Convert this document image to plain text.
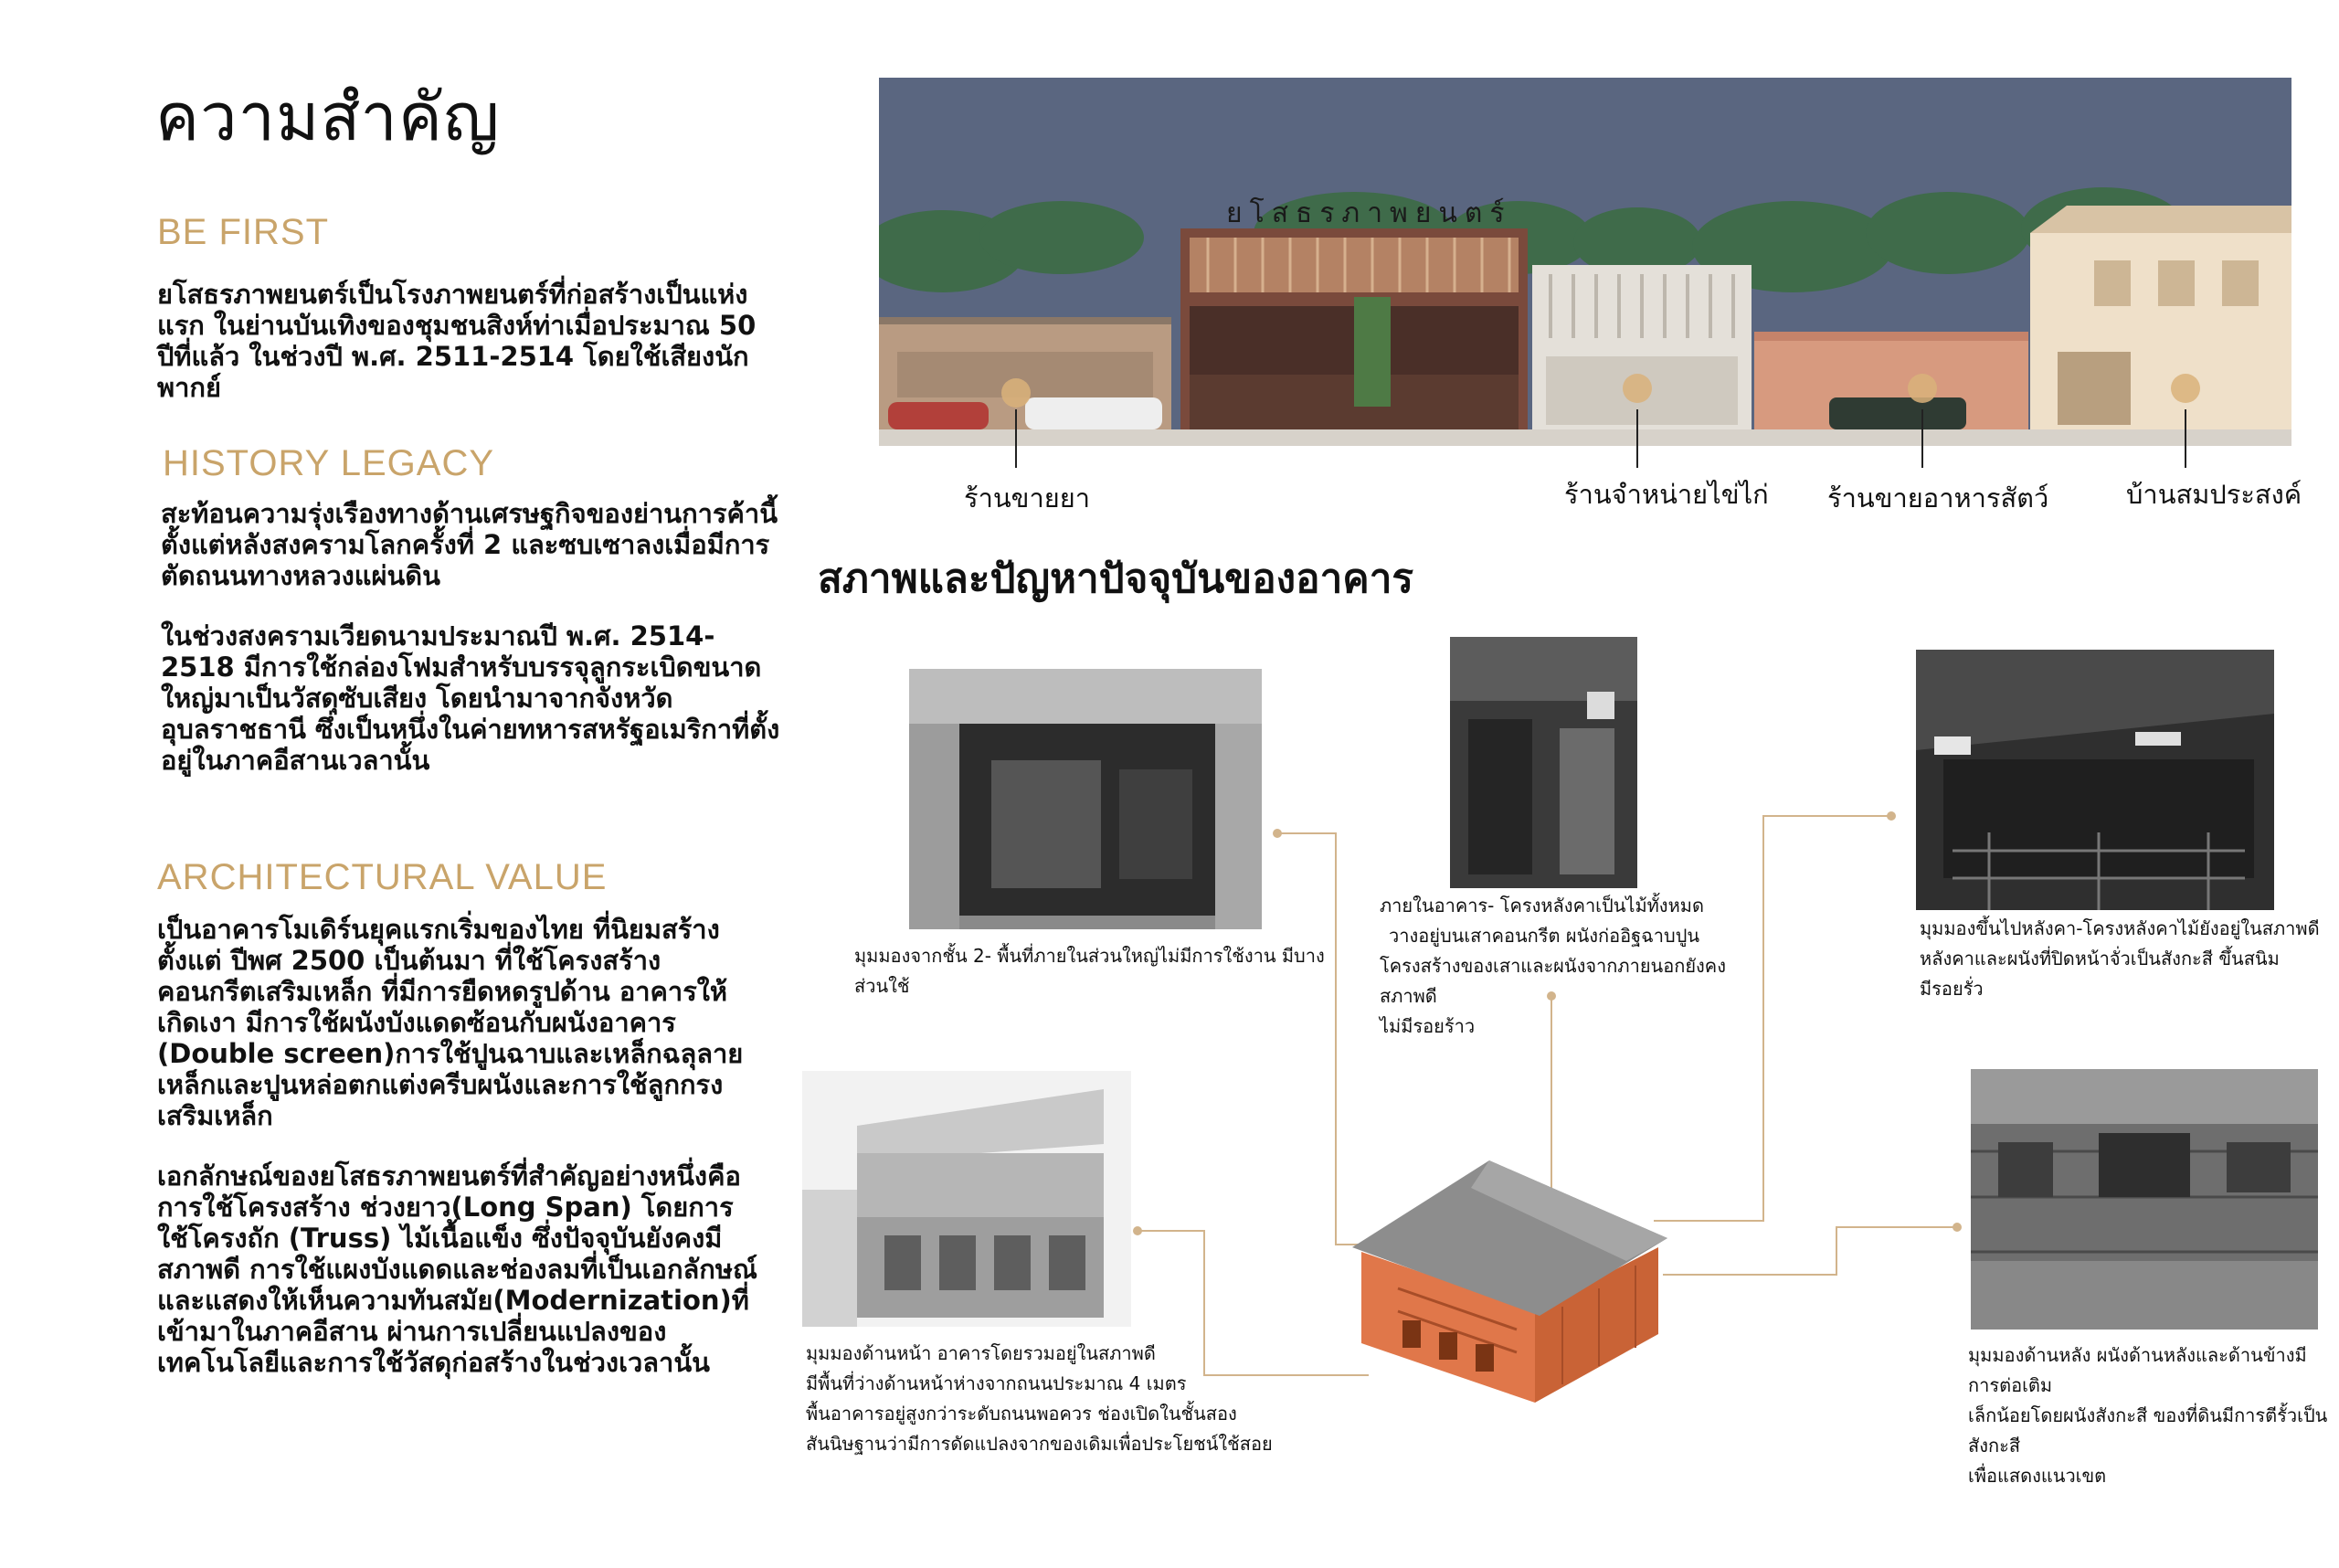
ความสำคัญ
BE FIRST

ยโสธรภาพยนตร์เป็นโรงภาพยนตร์ที่ก่อสร้างเป็นแห่งแรก ในย่านบันเทิงของชุมชนสิงห์ท่าเมื่อประมาณ 50 ปีที่แล้ว ในช่วงปี พ.ศ. 2511-2514 โดยใช้เสียงนักพากย์

HISTORY LEGACY

สะท้อนความรุ่งเรืองทางด้านเศรษฐกิจของย่านการค้านี้ ตั้งแต่หลังสงครามโลกครั้งที่ 2 และซบเซาลงเมื่อมีการตัดถนนทางหลวงแผ่นดิน

ในช่วงสงครามเวียดนามประมาณปี พ.ศ. 2514-2518 มีการใช้กล่องโฟมสำหรับบรรจุลูกระเบิดขนาดใหญ่มาเป็นวัสดุซับเสียง โดยนำมาจากจังหวัดอุบลราชธานี ซึ่งเป็นหนึ่งในค่ายทหารสหรัฐอเมริกาที่ตั้งอยู่ในภาคอีสานเวลานั้น

ARCHITECTURAL VALUE

เป็นอาคารโมเดิร์นยุคแรกเริ่มของไทย ที่นิยมสร้างตั้งแต่ ปีพศ 2500 เป็นต้นมา ที่ใช้โครงสร้างคอนกรีตเสริมเหล็ก ที่มีการยืดหดรูปด้าน อาคารให้เกิดเงา มีการใช้ผนังบังแดดซ้อนกับผนังอาคาร (Double screen)การใช้ปูนฉาบและเหล็กฉลุลาย เหล็กและปูนหล่อตกแต่งครีบผนังและการใช้ลูกกรงเสริมเหล็ก

เอกลักษณ์ของยโสธรภาพยนตร์ที่สำคัญอย่างหนึ่งคือ การใช้โครงสร้าง ช่วงยาว(Long Span) โดยการใช้โครงถัก (Truss) ไม้เนื้อแข็ง ซึ่งปัจจุบันยังคงมีสภาพดี การใช้แผงบังแดดและช่องลมที่เป็นเอกลักษณ์ และแสดงให้เห็นความทันสมัย(Modernization)ที่เข้ามาในภาคอีสาน ผ่านการเปลี่ยนแปลงของเทคโนโลยีและการใช้วัสดุก่อสร้างในช่วงเวลานั้น

ยโสธรภาพยนตร์
ร้านขายยา	ร้านจำหน่ายไข่ไก่ ร้านขายอาหารสัตว์	บ้านสมประสงค์
สภาพและปัญหาปัจจุบันของอาคาร
มุมมองจากชั้น 2- พื้นที่ภายในส่วนใหญ่ไม่มีการใช้งาน มีบางส่วนใช้
ภายในอาคาร- โครงหลังคาเป็นไม้ทั้งหมด
วางอยู่บนเสาคอนกรีต ผนังก่ออิฐฉาบปูน
โครงสร้างของเสาและผนังจากภายนอกยังคงสภาพดี
ไม่มีรอยร้าว
มุมมองขึ้นไปหลังคา-โครงหลังคาไม้ยังอยู่ในสภาพดี
หลังคาและผนังที่ปิดหน้าจั่วเป็นสังกะสี ขึ้นสนิม
มีรอยรั่ว
มุมมองด้านหน้า อาคารโดยรวมอยู่ในสภาพดี
มีพื้นที่ว่างด้านหน้าห่างจากถนนประมาณ 4 เมตร
พื้นอาคารอยู่สูงกว่าระดับถนนพอควร ช่องเปิดในชั้นสอง
สันนิษฐานว่ามีการดัดแปลงจากของเดิมเพื่อประโยชน์ใช้สอย
มุมมองด้านหลัง ผนังด้านหลังและด้านข้างมีการต่อเติม
เล็กน้อยโดยผนังสังกะสี ของที่ดินมีการตีรั้วเป็นสังกะสี
เพื่อแสดงแนวเขต
